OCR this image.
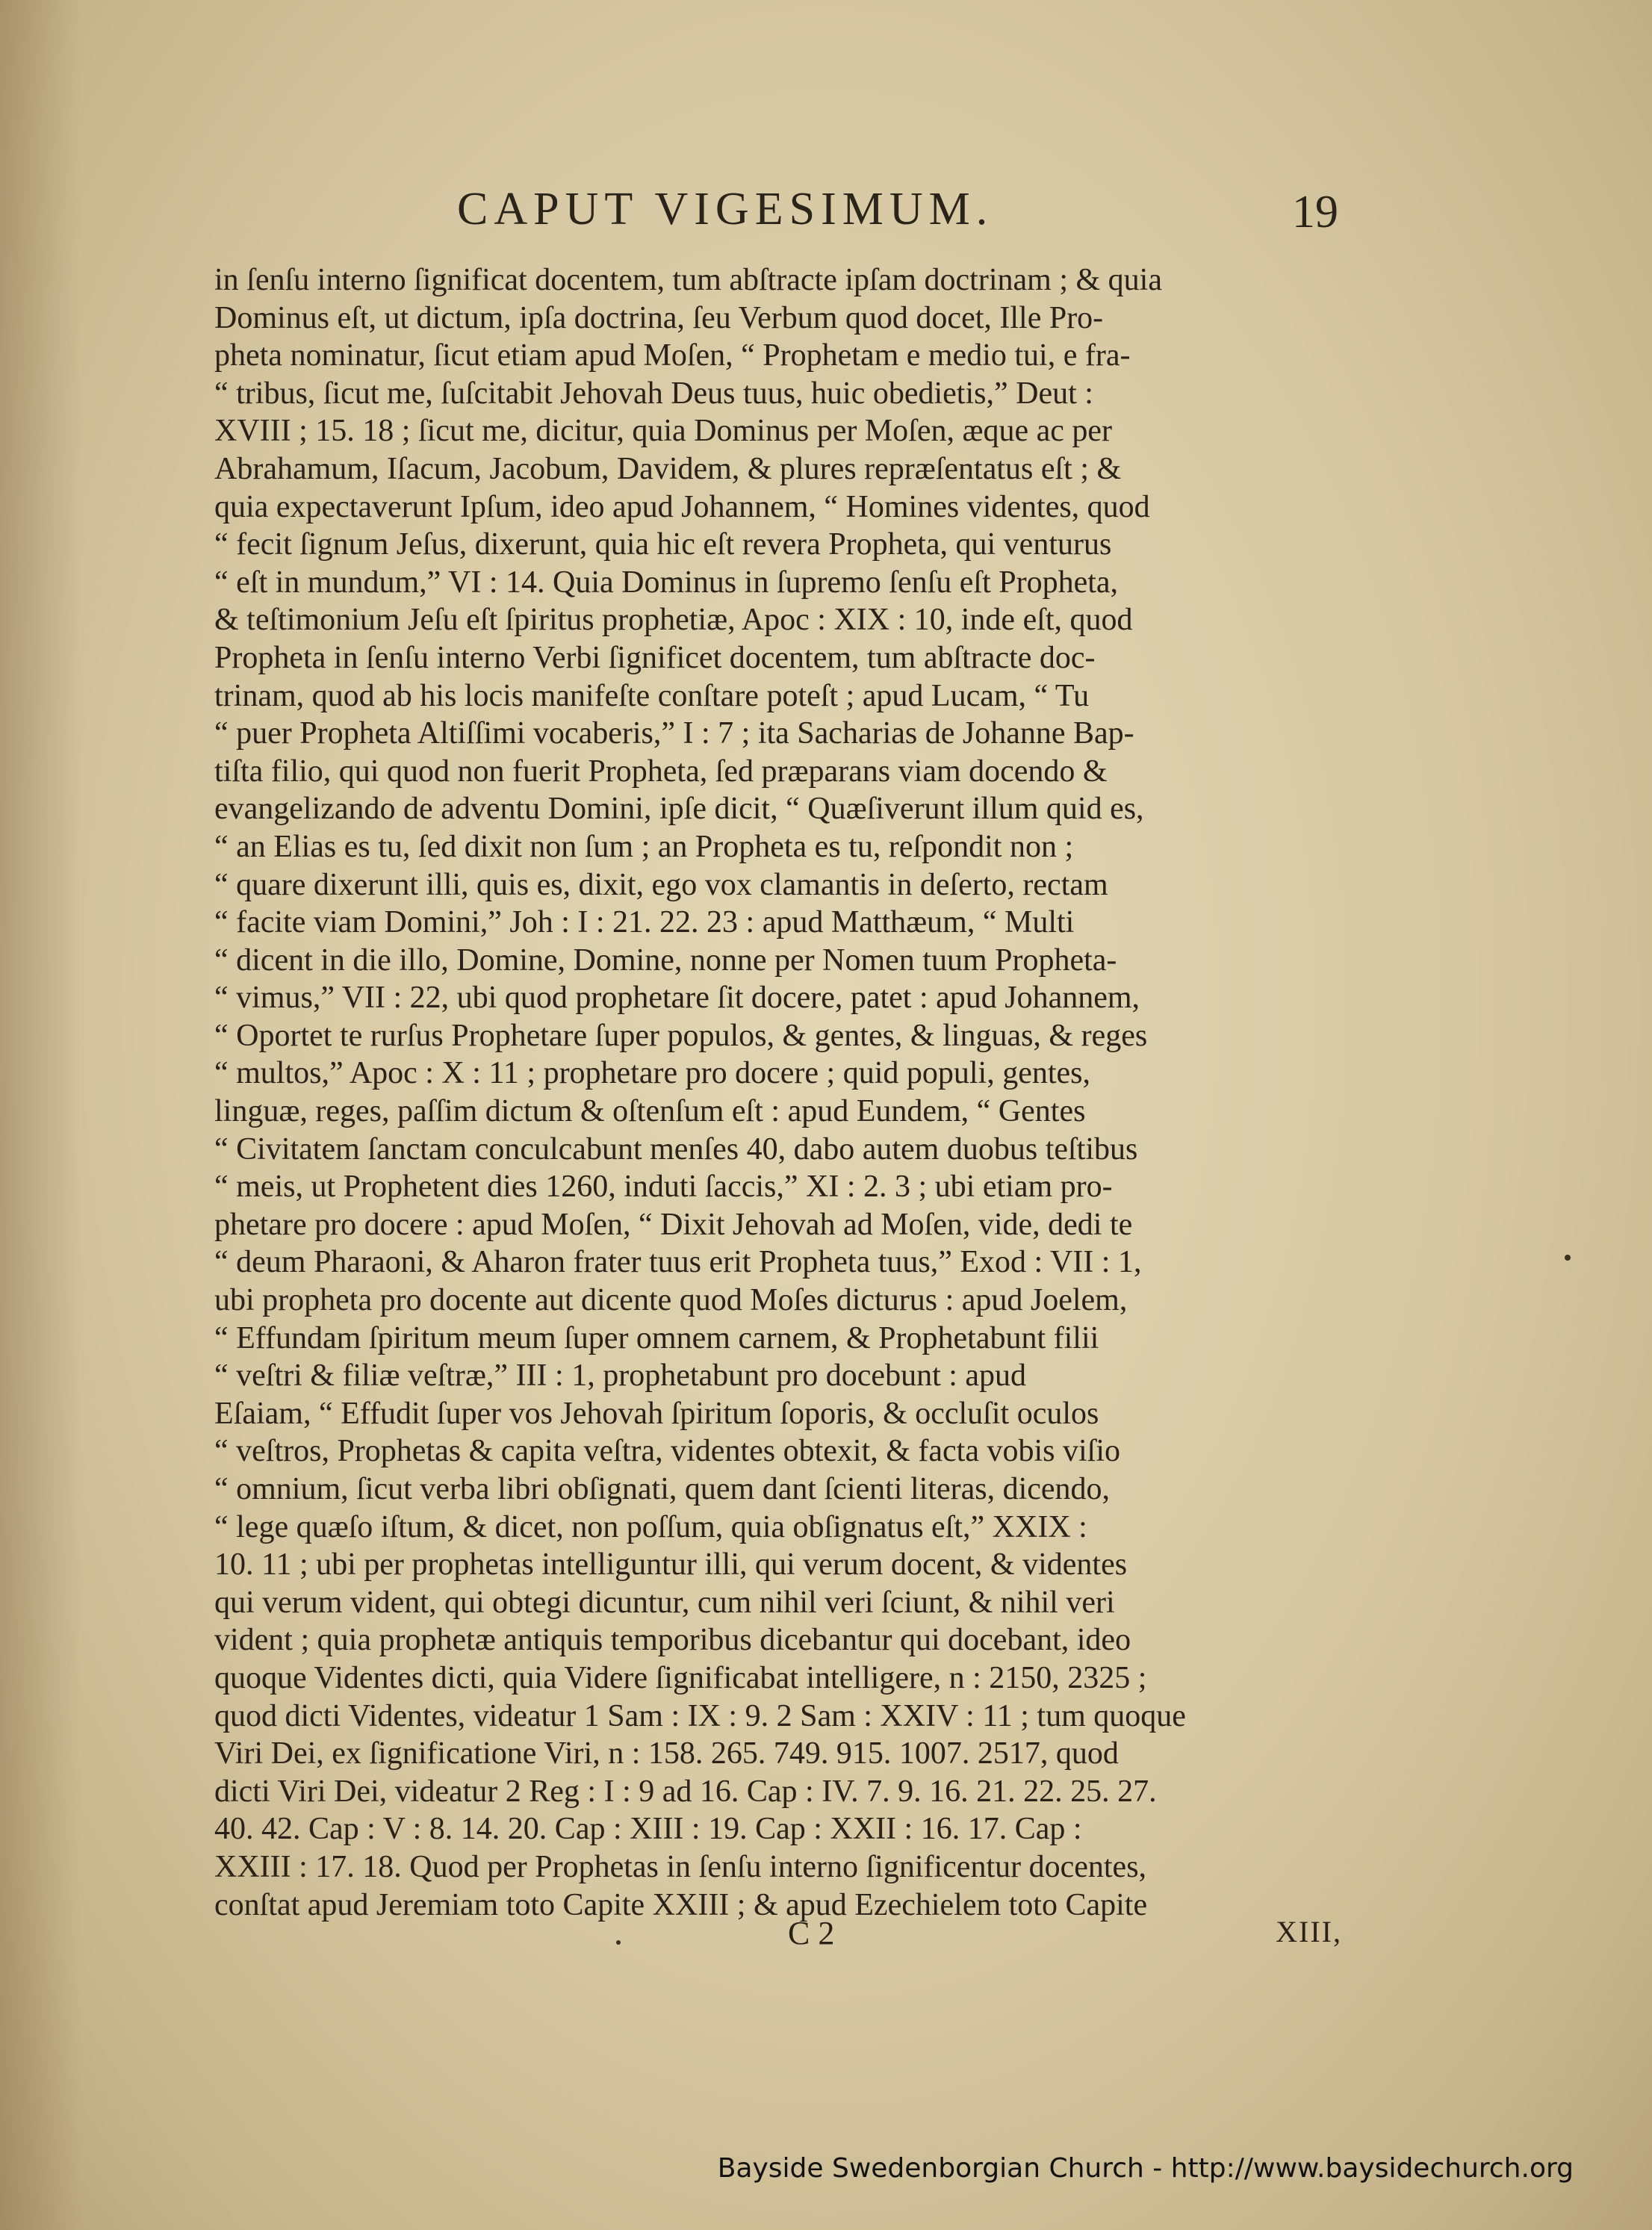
CAPUT VIGESIMUM.	19
in ſenſu interno ſignificat docentem, tum abſtracte ipſam doctrinam ; & quia
Dominus eſt, ut dictum, ipſa doctrina, ſeu Verbum quod docet, Ille Pro-
pheta nominatur, ſicut etiam apud Moſen, “ Prophetam e medio tui, e fra-
“ tribus, ſicut me, ſuſcitabit Jehovah Deus tuus, huic obedietis,” Deut :
XVIII ; 15. 18 ; ſicut me, dicitur, quia Dominus per Moſen, æque ac per
Abrahamum, Iſacum, Jacobum, Davidem, & plures repræſentatus eſt ; &
quia expectaverunt Ipſum, ideo apud Johannem, “ Homines videntes, quod
“ fecit ſignum Jeſus, dixerunt, quia hic eſt revera Propheta, qui venturus
“ eſt in mundum,” VI : 14. Quia Dominus in ſupremo ſenſu eſt Propheta,
& teſtimonium Jeſu eſt ſpiritus prophetiæ, Apoc : XIX : 10, inde eſt, quod
Propheta in ſenſu interno Verbi ſignificet docentem, tum abſtracte doc-
trinam, quod ab his locis manifeſte conſtare poteſt ; apud Lucam, “ Tu
“ puer Propheta Altiſſimi vocaberis,” I : 7 ; ita Sacharias de Johanne Bap-
tiſta filio, qui quod non fuerit Propheta, ſed præparans viam docendo &
evangelizando de adventu Domini, ipſe dicit, “ Quæſiverunt illum quid es,
“ an Elias es tu, ſed dixit non ſum ; an Propheta es tu, reſpondit non ;
“ quare dixerunt illi, quis es, dixit, ego vox clamantis in deſerto, rectam
“ facite viam Domini,” Joh : I : 21. 22. 23 : apud Matthæum, “ Multi
“ dicent in die illo, Domine, Domine, nonne per Nomen tuum Propheta-
“ vimus,” VII : 22, ubi quod prophetare ſit docere, patet : apud Johannem,
“ Oportet te rurſus Prophetare ſuper populos, & gentes, & linguas, & reges
“ multos,” Apoc : X : 11 ; prophetare pro docere ; quid populi, gentes,
linguæ, reges, paſſim dictum & oſtenſum eſt : apud Eundem, “ Gentes
“ Civitatem ſanctam conculcabunt menſes 40, dabo autem duobus teſtibus
“ meis, ut Prophetent dies 1260, induti ſaccis,” XI : 2. 3 ; ubi etiam pro-
phetare pro docere : apud Moſen, “ Dixit Jehovah ad Moſen, vide, dedi te
“ deum Pharaoni, & Aharon frater tuus erit Propheta tuus,” Exod : VII : 1,
ubi propheta pro docente aut dicente quod Moſes dicturus : apud Joelem,
“ Effundam ſpiritum meum ſuper omnem carnem, & Prophetabunt filii
“ veſtri & filiæ veſtræ,” III : 1, prophetabunt pro docebunt : apud
Eſaiam, “ Effudit ſuper vos Jehovah ſpiritum ſoporis, & occluſit oculos
“ veſtros, Prophetas & capita veſtra, videntes obtexit, & facta vobis viſio
“ omnium, ſicut verba libri obſignati, quem dant ſcienti literas, dicendo,
“ lege quæſo iſtum, & dicet, non poſſum, quia obſignatus eſt,” XXIX :
10. 11 ; ubi per prophetas intelliguntur illi, qui verum docent, & videntes
qui verum vident, qui obtegi dicuntur, cum nihil veri ſciunt, & nihil veri
vident ; quia prophetæ antiquis temporibus dicebantur qui docebant, ideo
quoque Videntes dicti, quia Videre ſignificabat intelligere, n : 2150, 2325 ;
quod dicti Videntes, videatur 1 Sam : IX : 9. 2 Sam : XXIV : 11 ; tum quoque
Viri Dei, ex ſignificatione Viri, n : 158. 265. 749. 915. 1007. 2517, quod
dicti Viri Dei, videatur 2 Reg : I : 9 ad 16. Cap : IV. 7. 9. 16. 21. 22. 25. 27.
40. 42. Cap : V : 8. 14. 20. Cap : XIII : 19. Cap : XXII : 16. 17. Cap :
XXIII : 17. 18. Quod per Prophetas in ſenſu interno ſignificentur docentes,
conſtat apud Jeremiam toto Capite XXIII ; & apud Ezechielem toto Capite
C 2	XIII,
Bayside Swedenborgian Church - http://www.baysidechurch.org
